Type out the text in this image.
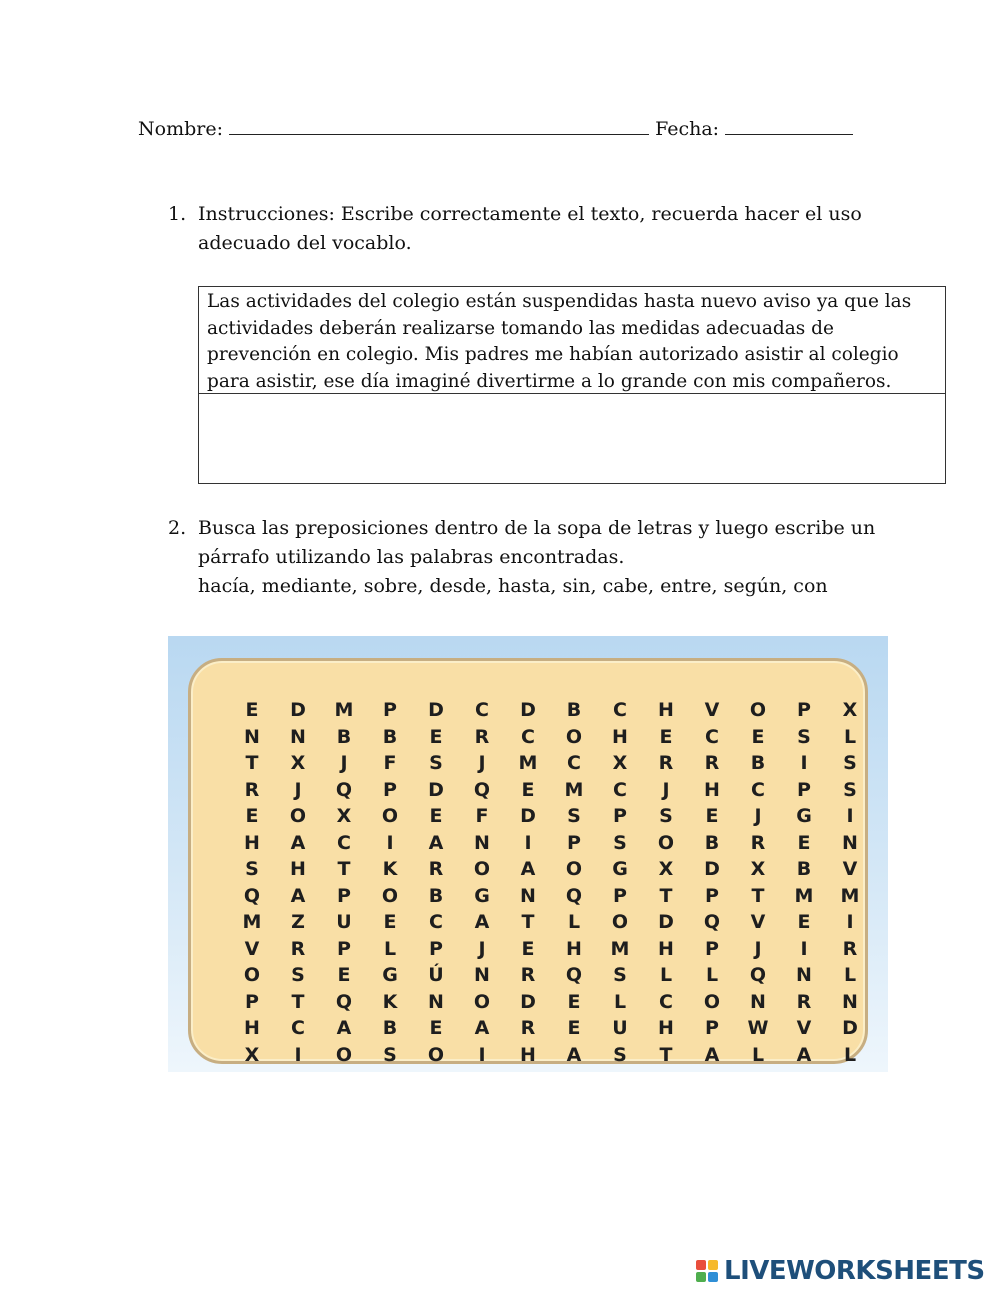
Nombre:	Fecha:
1. Instrucciones: Escribe correctamente el texto, recuerda hacer el uso adecuado del vocablo.
Las actividades del colegio están suspendidas hasta nuevo aviso ya que las actividades deberán realizarse tomando las medidas adecuadas de prevención en colegio. Mis padres me habían autorizado asistir al colegio para asistir, ese día imaginé divertirme a lo grande con mis compañeros.
2. Busca las preposiciones dentro de la sopa de letras y luego escribe un párrafo utilizando las palabras encontradas.
hacía, mediante, sobre, desde, hasta, sin, cabe, entre, según, con
E	D	M	P	D	C	D	B	C	H	V	O	P	X
N	N	B	B	E	R	C	O	H	E	C	E	S	L
T	X	J	F	S	J	M	C	X	R	R	B	I	S
R	J	Q	P	D	Q	E	M	C	J	H	C	P	S
E	O	X	O	E	F	D	S	P	S	E	J	G	I
H	A	C	I	A	N	I	P	S	O	B	R	E	N
S	H	T	K	R	O	A	O	G	X	D	X	B	V
Q	A	P	O	B	G	N	Q	P	T	P	T	M	M
M	Z	U	E	C	A	T	L	O	D	Q	V	E	I
V	R	P	L	P	J	E	H	M	H	P	J	I	R
O	S	E	G	Ú	N	R	Q	S	L	L	Q	N	L
P	T	Q	K	N	O	D	E	L	C	O	N	R	N
H	C	A	B	E	A	R	E	U	H	P	W	V	D
X	I	O	S	O	I	H	A	S	T	A	L	A	L
LIVEWORKSHEETS
